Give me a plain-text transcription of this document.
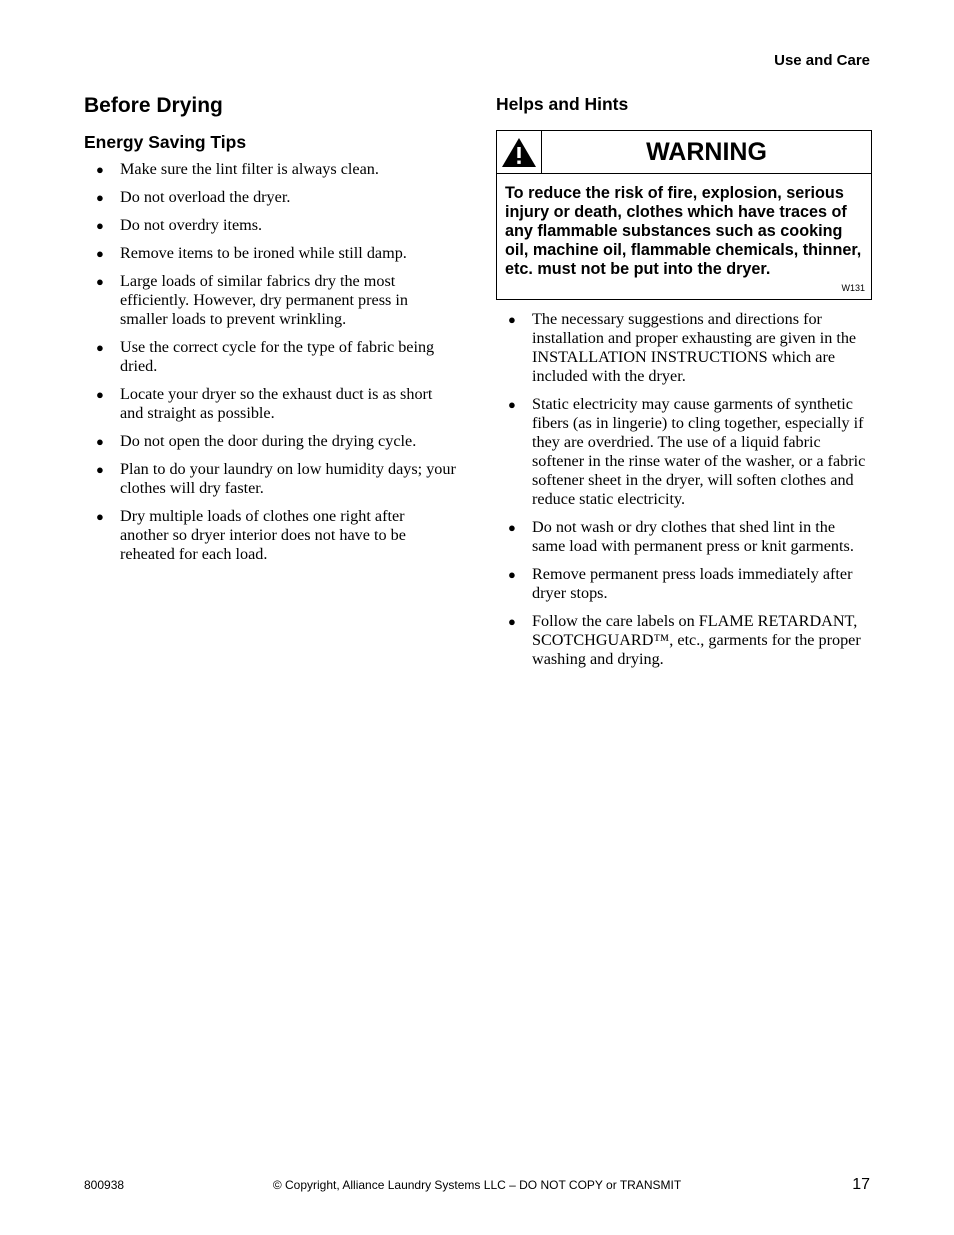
Use and Care
Before Drying
Energy Saving Tips
● Make sure the lint filter is always clean.
● Do not overload the dryer.
● Do not overdry items.
● Remove items to be ironed while still damp.
● Large loads of similar fabrics dry the most efficiently. However, dry permanent press in smaller loads to prevent wrinkling.
● Use the correct cycle for the type of fabric being dried.
● Locate your dryer so the exhaust duct is as short and straight as possible.
● Do not open the door during the drying cycle.
● Plan to do your laundry on low humidity days; your clothes will dry faster.
● Dry multiple loads of clothes one right after another so dryer interior does not have to be reheated for each load.
Helps and Hints
WARNING
To reduce the risk of fire, explosion, serious injury or death, clothes which have traces of any flammable substances such as cooking oil, machine oil, flammable chemicals, thinner, etc. must not be put into the dryer.
W131
● The necessary suggestions and directions for installation and proper exhausting are given in the INSTALLATION INSTRUCTIONS which are included with the dryer.
● Static electricity may cause garments of synthetic fibers (as in lingerie) to cling together, especially if they are overdried. The use of a liquid fabric softener in the rinse water of the washer, or a fabric softener sheet in the dryer, will soften clothes and reduce static electricity.
● Do not wash or dry clothes that shed lint in the same load with permanent press or knit garments.
● Remove permanent press loads immediately after dryer stops.
● Follow the care labels on FLAME RETARDANT, SCOTCHGUARD™, etc., garments for the proper washing and drying.
800938	© Copyright, Alliance Laundry Systems LLC – DO NOT COPY or TRANSMIT	17
